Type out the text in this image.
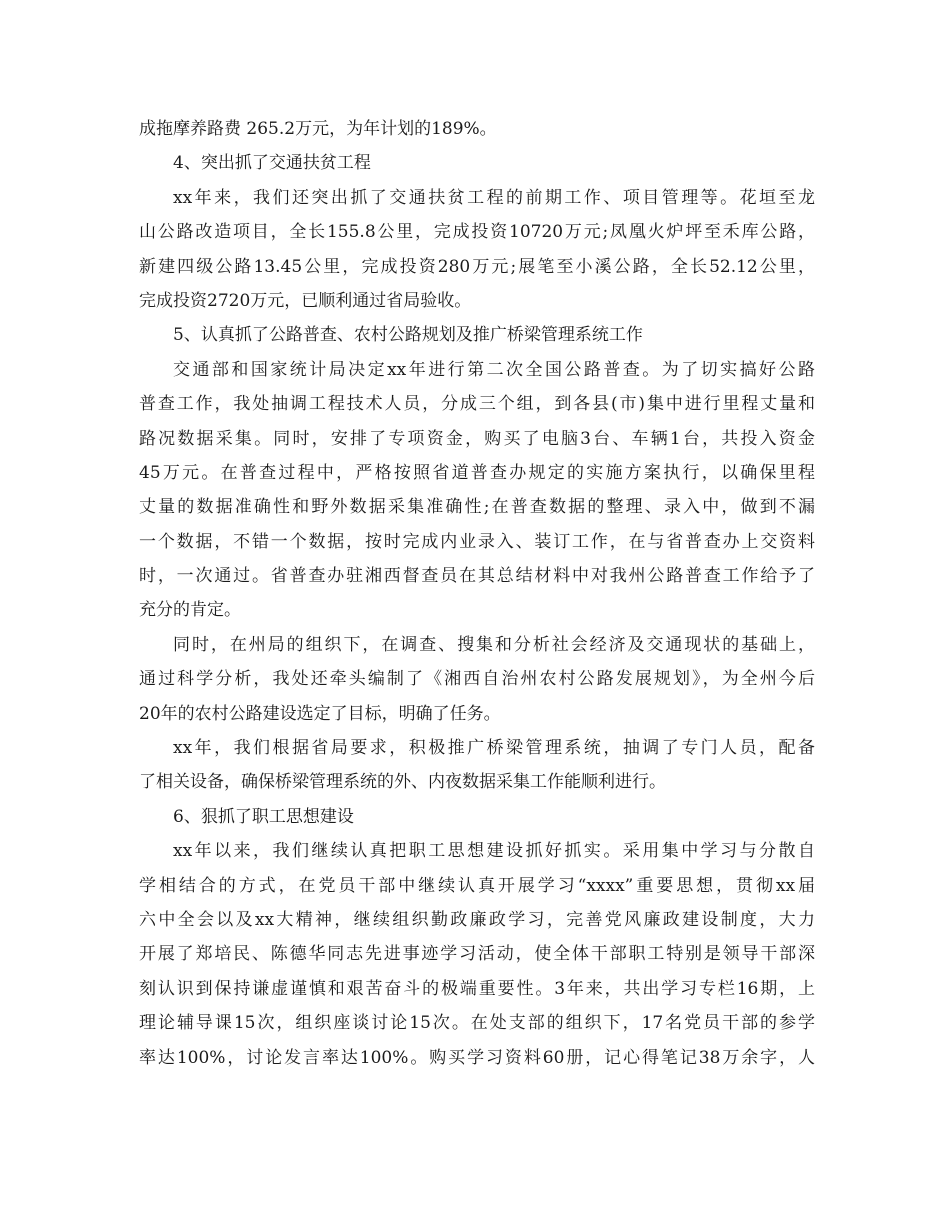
成拖摩养路费 265.2万元，为年计划的189%。
4、突出抓了交通扶贫工程
xx年来，我们还突出抓了交通扶贫工程的前期工作、项目管理等。花垣至龙
山公路改造项目，全长155.8公里，完成投资10720万元;凤凰火炉坪至禾库公路，
新建四级公路13.45公里，完成投资280万元;展笔至小溪公路，全长52.12公里，
完成投资2720万元，已顺利通过省局验收。
5、认真抓了公路普查、农村公路规划及推广桥梁管理系统工作
交通部和国家统计局决定xx年进行第二次全国公路普查。为了切实搞好公路
普查工作，我处抽调工程技术人员，分成三个组，到各县(市)集中进行里程丈量和
路况数据采集。同时，安排了专项资金，购买了电脑3台、车辆1台，共投入资金
45万元。在普查过程中，严格按照省道普查办规定的实施方案执行，以确保里程
丈量的数据准确性和野外数据采集准确性;在普查数据的整理、录入中，做到不漏
一个数据，不错一个数据，按时完成内业录入、装订工作，在与省普查办上交资料
时，一次通过。省普查办驻湘西督查员在其总结材料中对我州公路普查工作给予了
充分的肯定。
同时，在州局的组织下，在调查、搜集和分析社会经济及交通现状的基础上，
通过科学分析，我处还牵头编制了《湘西自治州农村公路发展规划》，为全州今后
20年的农村公路建设选定了目标，明确了任务。
xx年，我们根据省局要求，积极推广桥梁管理系统，抽调了专门人员，配备
了相关设备，确保桥梁管理系统的外、内夜数据采集工作能顺利进行。
6、狠抓了职工思想建设
xx年以来，我们继续认真把职工思想建设抓好抓实。采用集中学习与分散自
学相结合的方式，在党员干部中继续认真开展学习“xxxx”重要思想，贯彻xx届
六中全会以及xx大精神，继续组织勤政廉政学习，完善党风廉政建设制度，大力
开展了郑培民、陈德华同志先进事迹学习活动，使全体干部职工特别是领导干部深
刻认识到保持谦虚谨慎和艰苦奋斗的极端重要性。3年来，共出学习专栏16期，上
理论辅导课15次，组织座谈讨论15次。在处支部的组织下，17名党员干部的参学
率达100%，讨论发言率达100%。购买学习资料60册，记心得笔记38万余字，人
